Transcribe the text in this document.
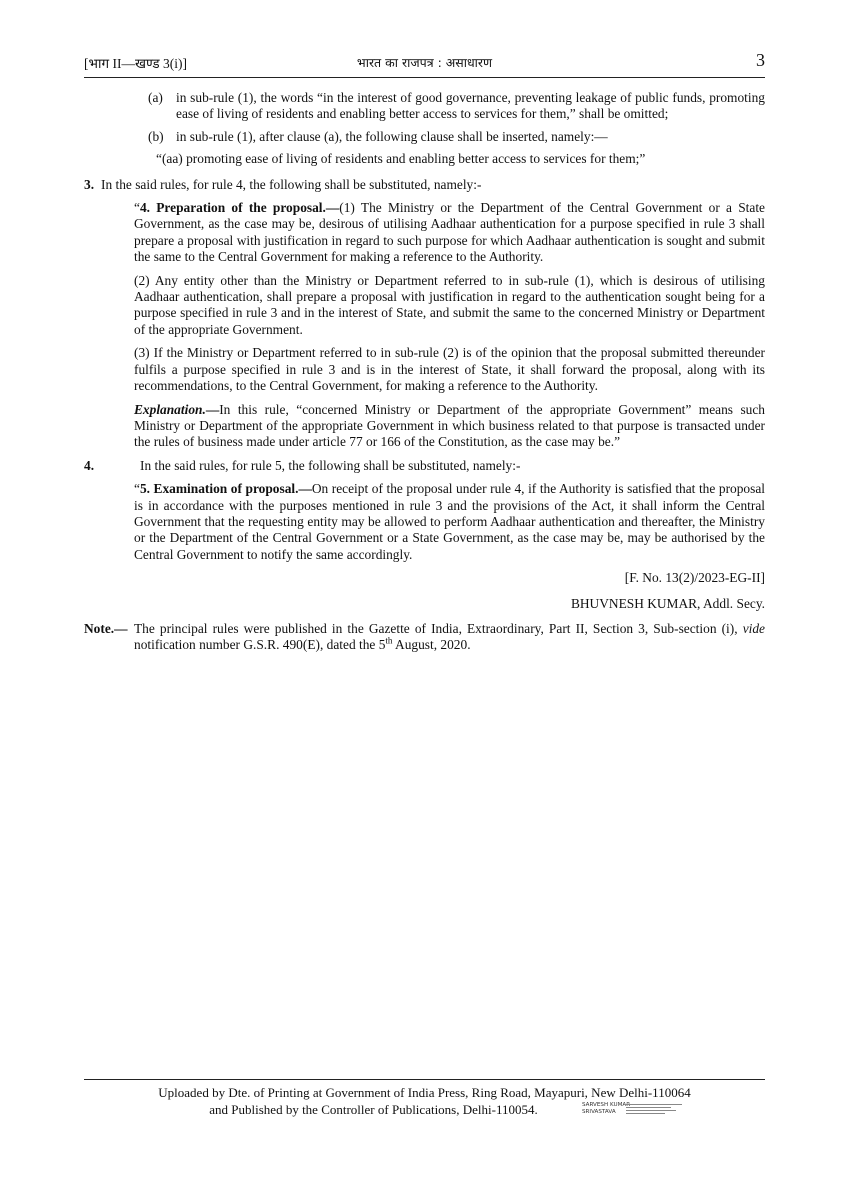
[भाग II—खण्ड 3(i)]	भारत का राजपत्र : असाधारण	3
(a) in sub-rule (1), the words “in the interest of good governance, preventing leakage of public funds, promoting ease of living of residents and enabling better access to services for them,” shall be omitted;

(b) in sub-rule (1), after clause (a), the following clause shall be inserted, namely:—

“(aa) promoting ease of living of residents and enabling better access to services for them;”

3. In the said rules, for rule 4, the following shall be substituted, namely:-

“4. Preparation of the proposal.—(1) The Ministry or the Department of the Central Government or a State Government, as the case may be, desirous of utilising Aadhaar authentication for a purpose specified in rule 3 shall prepare a proposal with justification in regard to such purpose for which Aadhaar authentication is sought and submit the same to the Central Government for making a reference to the Authority.

(2) Any entity other than the Ministry or Department referred to in sub-rule (1), which is desirous of utilising Aadhaar authentication, shall prepare a proposal with justification in regard to the authentication sought being for a purpose specified in rule 3 and in the interest of State, and submit the same to the concerned Ministry or Department of the appropriate Government.

(3) If the Ministry or Department referred to in sub-rule (2) is of the opinion that the proposal submitted thereunder fulfils a purpose specified in rule 3 and is in the interest of State, it shall forward the proposal, along with its recommendations, to the Central Government, for making a reference to the Authority.

Explanation.—In this rule, “concerned Ministry or Department of the appropriate Government” means such Ministry or Department of the appropriate Government in which business related to that purpose is transacted under the rules of business made under article 77 or 166 of the Constitution, as the case may be.”

4.	In the said rules, for rule 5, the following shall be substituted, namely:-

“5. Examination of proposal.—On receipt of the proposal under rule 4, if the Authority is satisfied that the proposal is in accordance with the purposes mentioned in rule 3 and the provisions of the Act, it shall inform the Central Government that the requesting entity may be allowed to perform Aadhaar authentication and thereafter, the Ministry or the Department of the Central Government or a State Government, as the case may be, may be authorised by the Central Government to notify the same accordingly.

[F. No. 13(2)/2023-EG-II]

BHUVNESH KUMAR, Addl. Secy.

Note.— The principal rules were published in the Gazette of India, Extraordinary, Part II, Section 3, Sub-section (i), vide notification number G.S.R. 490(E), dated the 5th August, 2020.

Uploaded by Dte. of Printing at Government of India Press, Ring Road, Mayapuri, New Delhi-110064
and Published by the Controller of Publications, Delhi-110054.	SARVESH KUMAR
SRIVASTAVA
